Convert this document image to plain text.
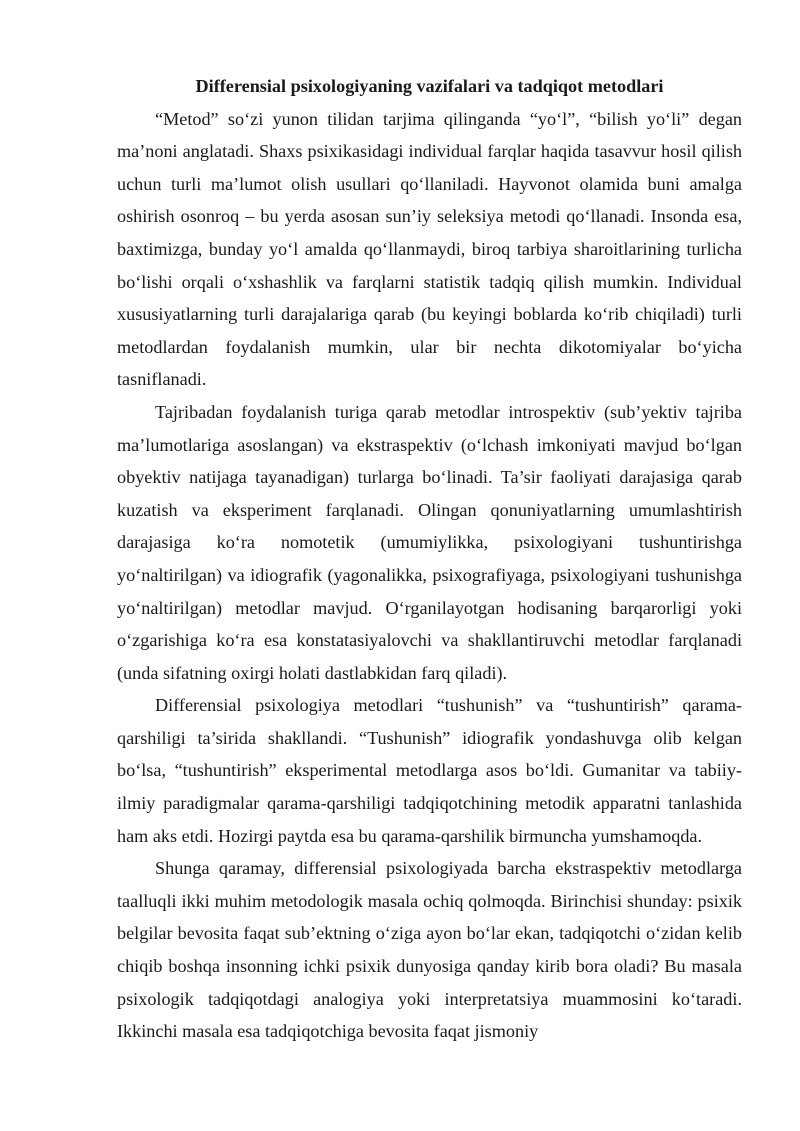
Differensial psixologiyaning vazifalari va tadqiqot metodlari

“Metod” so‘zi yunon tilidan tarjima qilinganda “yo‘l”, “bilish yo‘li” degan ma’noni anglatadi. Shaxs psixikasidagi individual farqlar haqida tasavvur hosil qilish uchun turli ma’lumot olish usullari qo‘llaniladi. Hayvonot olamida buni amalga oshirish osonroq – bu yerda asosan sun’iy seleksiya metodi qo‘llanadi. Insonda esa, baxtimizga, bunday yo‘l amalda qo‘llanmaydi, biroq tarbiya sharoitlarining turlicha bo‘lishi orqali o‘xshashlik va farqlarni statistik tadqiq qilish mumkin. Individual xususiyatlarning turli darajalariga qarab (bu keyingi boblarda ko‘rib chiqiladi) turli metodlardan foydalanish mumkin, ular bir nechta dikotomiyalar bo‘yicha tasniflanadi.

Tajribadan foydalanish turiga qarab metodlar introspektiv (sub’yektiv tajriba ma’lumotlariga asoslangan) va ekstraspektiv (o‘lchash imkoniyati mavjud bo‘lgan obyektiv natijaga tayanadigan) turlarga bo‘linadi. Ta’sir faoliyati darajasiga qarab kuzatish va eksperiment farqlanadi. Olingan qonuniyatlarning umumlashtirish darajasiga ko‘ra nomotetik (umumiylikka, psixologiyani tushuntirishga yo‘naltirilgan) va idiografik (yagonalikka, psixografiyaga, psixologiyani tushunishga yo‘naltirilgan) metodlar mavjud. O‘rganilayotgan hodisaning barqarorligi yoki o‘zgarishiga ko‘ra esa konstatasiyalovchi va shakllantiruvchi metodlar farqlanadi (unda sifatning oxirgi holati dastlabkidan farq qiladi).

Differensial psixologiya metodlari “tushunish” va “tushuntirish” qarama-qarshiligi ta’sirida shakllandi. “Tushunish” idiografik yondashuvga olib kelgan bo‘lsa, “tushuntirish” eksperimental metodlarga asos bo‘ldi. Gumanitar va tabiiy-ilmiy paradigmalar qarama-qarshiligi tadqiqotchining metodik apparatni tanlashida ham aks etdi. Hozirgi paytda esa bu qarama-qarshilik birmuncha yumshamoqda.

Shunga qaramay, differensial psixologiyada barcha ekstraspektiv metodlarga taalluqli ikki muhim metodologik masala ochiq qolmoqda. Birinchisi shunday: psixik belgilar bevosita faqat sub’ektning o‘ziga ayon bo‘lar ekan, tadqiqotchi o‘zidan kelib chiqib boshqa insonning ichki psixik dunyosiga qanday kirib bora oladi? Bu masala psixologik tadqiqotdagi analogiya yoki interpretatsiya muammosini ko‘taradi. Ikkinchi masala esa tadqiqotchiga bevosita faqat jismoniy
